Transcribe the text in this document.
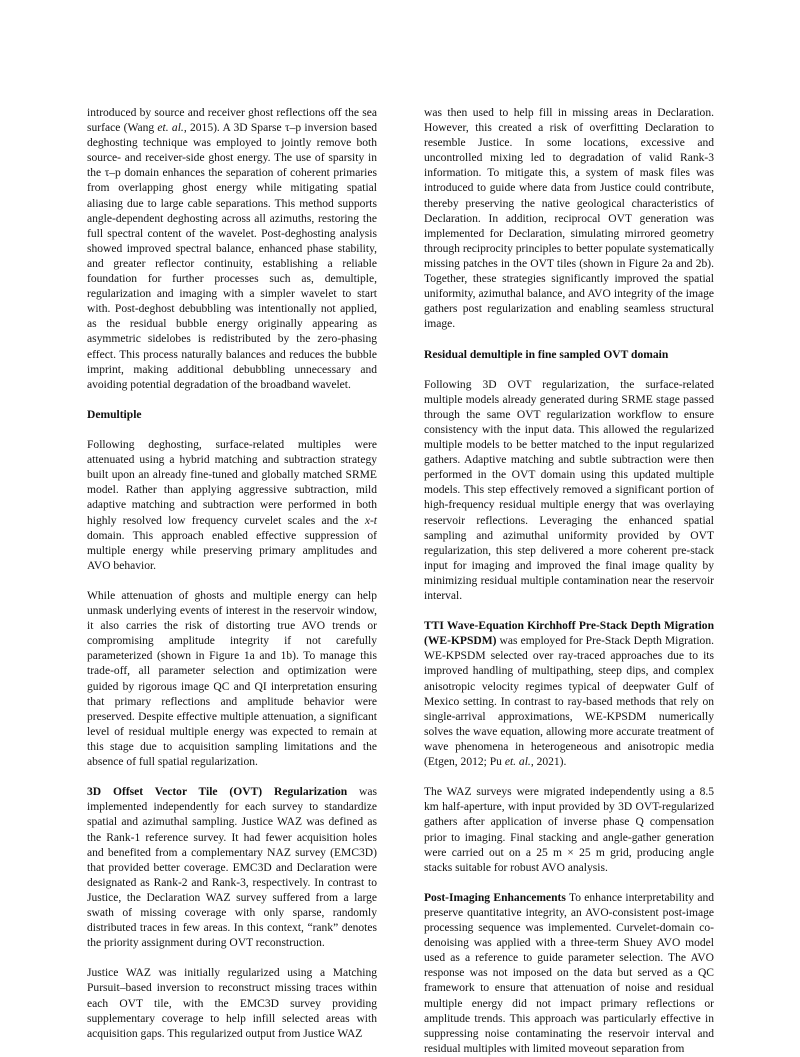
introduced by source and receiver ghost reflections off the sea surface (Wang et. al., 2015). A 3D Sparse τ–p inversion based deghosting technique was employed to jointly remove both source- and receiver-side ghost energy. The use of sparsity in the τ–p domain enhances the separation of coherent primaries from overlapping ghost energy while mitigating spatial aliasing due to large cable separations. This method supports angle-dependent deghosting across all azimuths, restoring the full spectral content of the wavelet. Post-deghosting analysis showed improved spectral balance, enhanced phase stability, and greater reflector continuity, establishing a reliable foundation for further processes such as, demultiple, regularization and imaging with a simpler wavelet to start with. Post-deghost debubbling was intentionally not applied, as the residual bubble energy originally appearing as asymmetric sidelobes is redistributed by the zero-phasing effect. This process naturally balances and reduces the bubble imprint, making additional debubbling unnecessary and avoiding potential degradation of the broadband wavelet.

Demultiple

Following deghosting, surface-related multiples were attenuated using a hybrid matching and subtraction strategy built upon an already fine-tuned and globally matched SRME model. Rather than applying aggressive subtraction, mild adaptive matching and subtraction were performed in both highly resolved low frequency curvelet scales and the x-t domain. This approach enabled effective suppression of multiple energy while preserving primary amplitudes and AVO behavior.

While attenuation of ghosts and multiple energy can help unmask underlying events of interest in the reservoir window, it also carries the risk of distorting true AVO trends or compromising amplitude integrity if not carefully parameterized (shown in Figure 1a and 1b). To manage this trade-off, all parameter selection and optimization were guided by rigorous image QC and QI interpretation ensuring that primary reflections and amplitude behavior were preserved. Despite effective multiple attenuation, a significant level of residual multiple energy was expected to remain at this stage due to acquisition sampling limitations and the absence of full spatial regularization.

3D Offset Vector Tile (OVT) Regularization was implemented independently for each survey to standardize spatial and azimuthal sampling. Justice WAZ was defined as the Rank-1 reference survey. It had fewer acquisition holes and benefited from a complementary NAZ survey (EMC3D) that provided better coverage. EMC3D and Declaration were designated as Rank-2 and Rank-3, respectively. In contrast to Justice, the Declaration WAZ survey suffered from a large swath of missing coverage with only sparse, randomly distributed traces in few areas. In this context, “rank” denotes the priority assignment during OVT reconstruction.

Justice WAZ was initially regularized using a Matching Pursuit–based inversion to reconstruct missing traces within each OVT tile, with the EMC3D survey providing supplementary coverage to help infill selected areas with acquisition gaps. This regularized output from Justice WAZ

was then used to help fill in missing areas in Declaration. However, this created a risk of overfitting Declaration to resemble Justice. In some locations, excessive and uncontrolled mixing led to degradation of valid Rank-3 information. To mitigate this, a system of mask files was introduced to guide where data from Justice could contribute, thereby preserving the native geological characteristics of Declaration. In addition, reciprocal OVT generation was implemented for Declaration, simulating mirrored geometry through reciprocity principles to better populate systematically missing patches in the OVT tiles (shown in Figure 2a and 2b). Together, these strategies significantly improved the spatial uniformity, azimuthal balance, and AVO integrity of the image gathers post regularization and enabling seamless structural image.

Residual demultiple in fine sampled OVT domain

Following 3D OVT regularization, the surface-related multiple models already generated during SRME stage passed through the same OVT regularization workflow to ensure consistency with the input data. This allowed the regularized multiple models to be better matched to the input regularized gathers. Adaptive matching and subtle subtraction were then performed in the OVT domain using this updated multiple models. This step effectively removed a significant portion of high-frequency residual multiple energy that was overlaying reservoir reflections. Leveraging the enhanced spatial sampling and azimuthal uniformity provided by OVT regularization, this step delivered a more coherent pre-stack input for imaging and improved the final image quality by minimizing residual multiple contamination near the reservoir interval.

TTI Wave-Equation Kirchhoff Pre-Stack Depth Migration (WE-KPSDM) was employed for Pre-Stack Depth Migration. WE-KPSDM selected over ray-traced approaches due to its improved handling of multipathing, steep dips, and complex anisotropic velocity regimes typical of deepwater Gulf of Mexico setting. In contrast to ray-based methods that rely on single-arrival approximations, WE-KPSDM numerically solves the wave equation, allowing more accurate treatment of wave phenomena in heterogeneous and anisotropic media (Etgen, 2012; Pu et. al., 2021).

The WAZ surveys were migrated independently using a 8.5 km half-aperture, with input provided by 3D OVT-regularized gathers after application of inverse phase Q compensation prior to imaging. Final stacking and angle-gather generation were carried out on a 25 m × 25 m grid, producing angle stacks suitable for robust AVO analysis.

Post-Imaging Enhancements To enhance interpretability and preserve quantitative integrity, an AVO-consistent post-image processing sequence was implemented. Curvelet-domain co-denoising was applied with a three-term Shuey AVO model used as a reference to guide parameter selection. The AVO response was not imposed on the data but served as a QC framework to ensure that attenuation of noise and residual multiple energy did not impact primary reflections or amplitude trends. This approach was particularly effective in suppressing noise contaminating the reservoir interval and residual multiples with limited moveout separation from
